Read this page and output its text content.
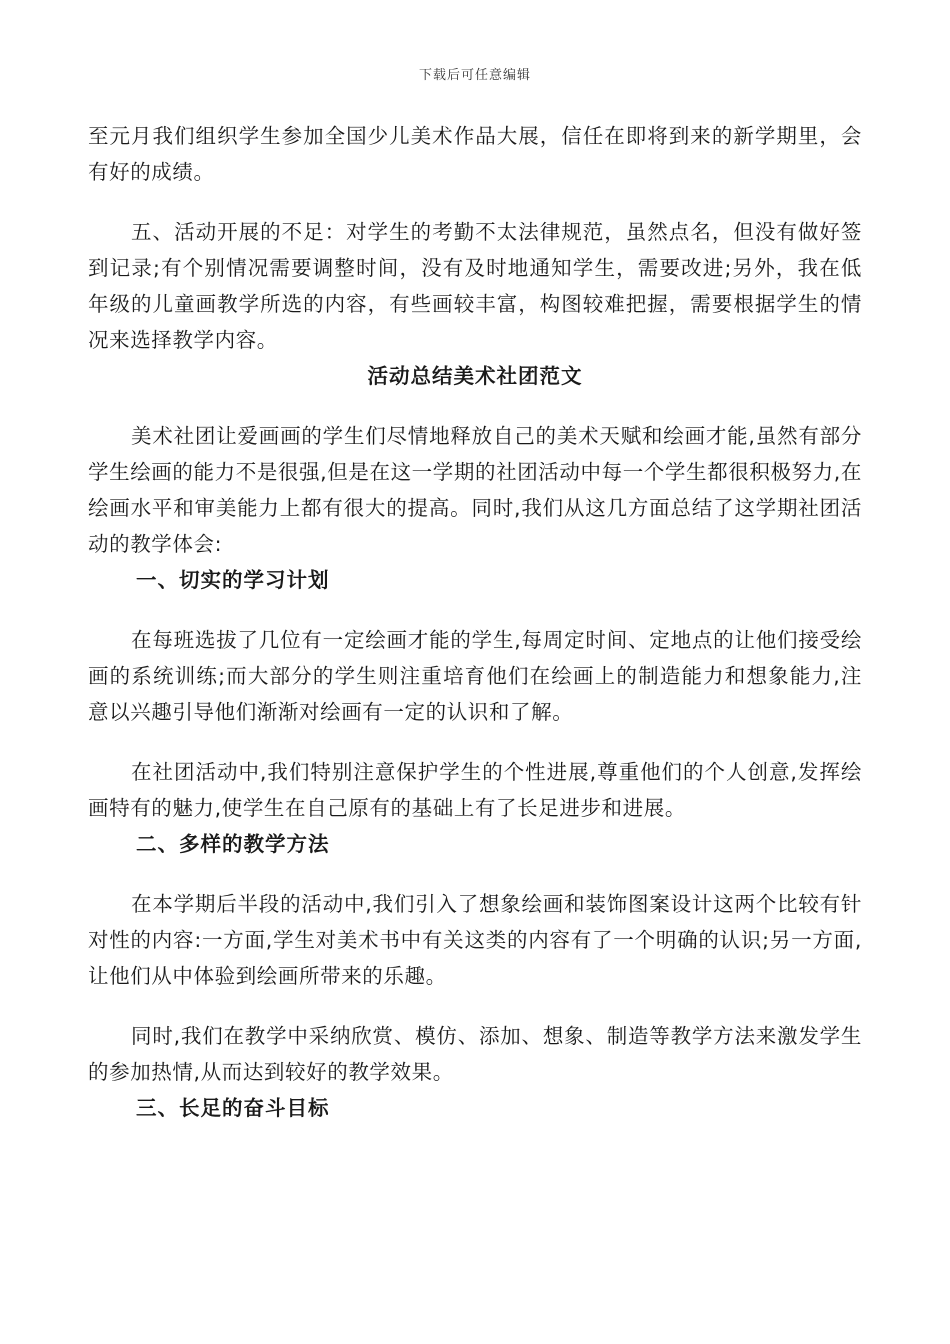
下载后可任意编辑

至元月我们组织学生参加全国少儿美术作品大展，信任在即将到来的新学期里，会有好的成绩。

五、活动开展的不足：对学生的考勤不太法律规范，虽然点名，但没有做好签到记录;有个别情况需要调整时间，没有及时地通知学生，需要改进;另外，我在低年级的儿童画教学所选的内容，有些画较丰富，构图较难把握，需要根据学生的情况来选择教学内容。

活动总结美术社团范文

美术社团让爱画画的学生们尽情地释放自己的美术天赋和绘画才能,虽然有部分学生绘画的能力不是很强,但是在这一学期的社团活动中每一个学生都很积极努力,在绘画水平和审美能力上都有很大的提高。同时,我们从这几方面总结了这学期社团活动的教学体会:

一、切实的学习计划

在每班选拔了几位有一定绘画才能的学生,每周定时间、定地点的让他们接受绘画的系统训练;而大部分的学生则注重培育他们在绘画上的制造能力和想象能力,注意以兴趣引导他们渐渐对绘画有一定的认识和了解。

在社团活动中,我们特别注意保护学生的个性进展,尊重他们的个人创意,发挥绘画特有的魅力,使学生在自己原有的基础上有了长足进步和进展。

二、多样的教学方法

在本学期后半段的活动中,我们引入了想象绘画和装饰图案设计这两个比较有针对性的内容:一方面,学生对美术书中有关这类的内容有了一个明确的认识;另一方面,让他们从中体验到绘画所带来的乐趣。

同时,我们在教学中采纳欣赏、模仿、添加、想象、制造等教学方法来激发学生的参加热情,从而达到较好的教学效果。

三、长足的奋斗目标
